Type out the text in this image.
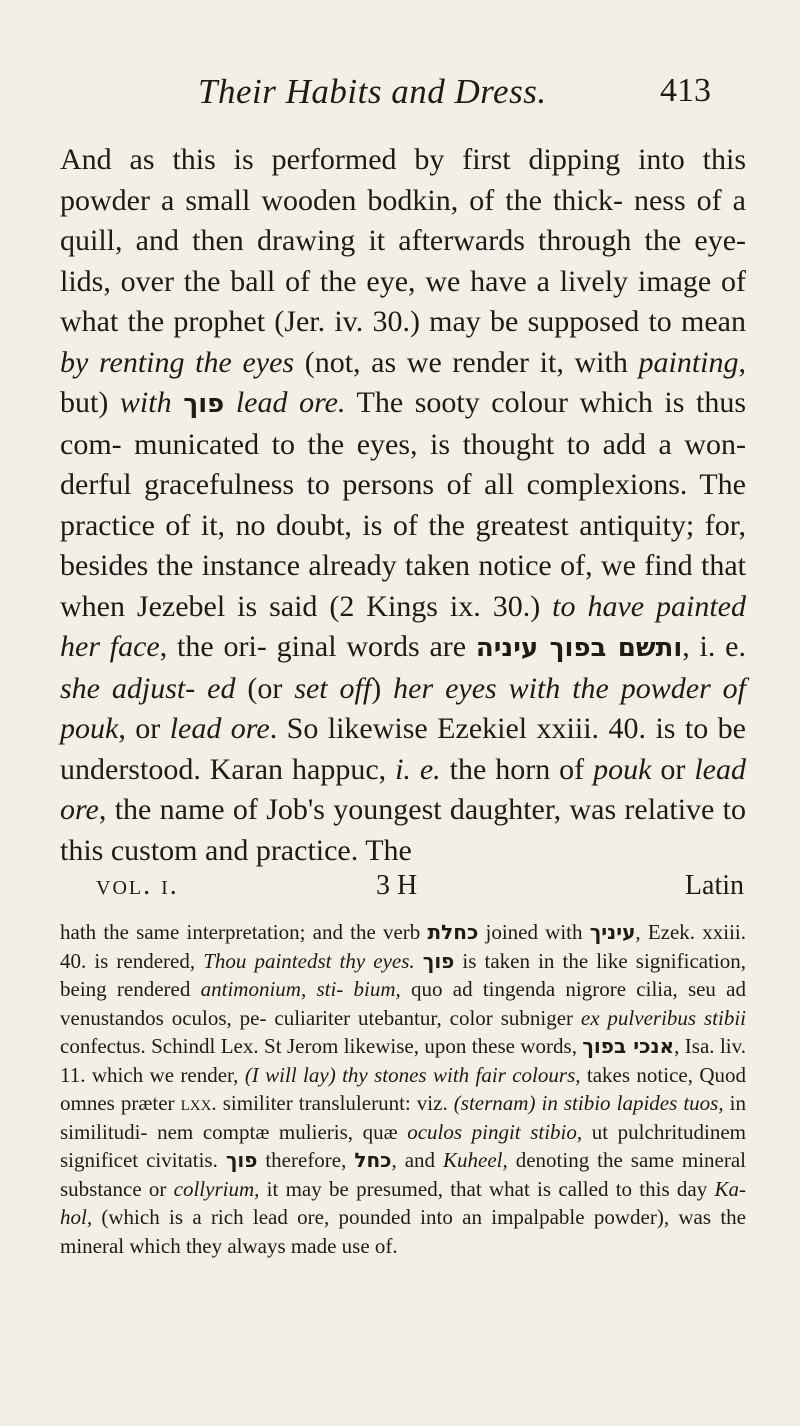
Their Habits and Dress.	413

And as this is performed by first dipping into this powder a small wooden bodkin, of the thick- ness of a quill, and then drawing it afterwards through the eye-lids, over the ball of the eye, we have a lively image of what the prophet (Jer. iv. 30.) may be supposed to mean by renting the eyes (not, as we render it, with painting, but) with פוך lead ore. The sooty colour which is thus com- municated to the eyes, is thought to add a won- derful gracefulness to persons of all complexions. The practice of it, no doubt, is of the greatest antiquity; for, besides the instance already taken notice of, we find that when Jezebel is said (2 Kings ix. 30.) to have painted her face, the ori- ginal words are ותשם בפוך עיניה, i. e. she adjust- ed (or set off) her eyes with the powder of pouk, or lead ore. So likewise Ezekiel xxiii. 40. is to be understood. Karan happuc, i. e. the horn of pouk or lead ore, the name of Job's youngest daughter, was relative to this custom and practice. The

vol. i.	3 H	Latin

hath the same interpretation; and the verb כחלת joined with עיניך, Ezek. xxiii. 40. is rendered, Thou paintedst thy eyes. פוך is taken in the like signification, being rendered antimonium, sti- bium, quo ad tingenda nigrore cilia, seu ad venustandos oculos, pe- culiariter utebantur, color subniger ex pulveribus stibii confectus. Schindl Lex. St Jerom likewise, upon these words, אנכי בפוך, Isa. liv. 11. which we render, (I will lay) thy stones with fair colours, takes notice, Quod omnes præter lxx. similiter translulerunt: viz. (sternam) in stibio lapides tuos, in similitudi- nem comptæ mulieris, quæ oculos pingit stibio, ut pulchritudinem significet civitatis. פוך therefore, כחל, and Kuheel, denoting the same mineral substance or collyrium, it may be presumed, that what is called to this day Ka-hol, (which is a rich lead ore, pounded into an impalpable powder), was the mineral which they always made use of.
